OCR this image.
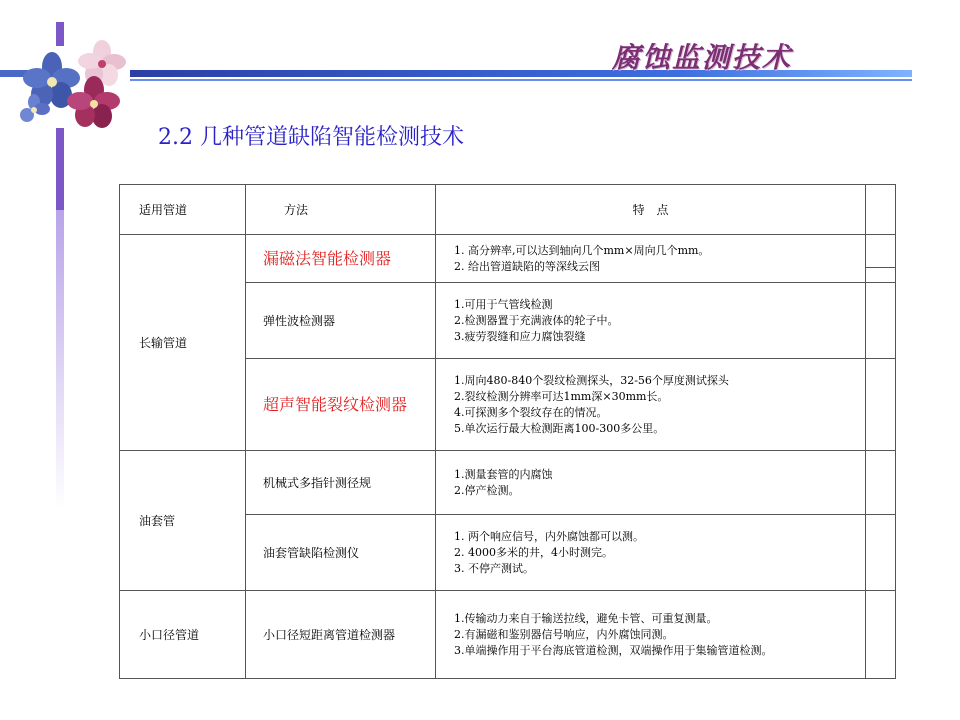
腐蚀监测技术
2.2 几种管道缺陷智能检测技术
适用管道	方法	特　点	
长输管道	漏磁法智能检测器	1. 高分辨率,可以达到轴向几个mm×周向几个mm。
2. 给出管道缺陷的等深线云图	

	弹性波检测器	1.可用于气管线检测
2.检测器置于充满液体的轮子中。
3.疲劳裂缝和应力腐蚀裂缝	

	超声智能裂纹检测器	1.周向480-840个裂纹检测探头，32-56个厚度测试探头
2.裂纹检测分辨率可达1mm深×30mm长。
4.可探测多个裂纹存在的情况。
5.单次运行最大检测距离100-300多公里。	

油套管	机械式多指针测径规	1.测量套管的内腐蚀
2.停产检测。	

	油套管缺陷检测仪	1. 两个响应信号，内外腐蚀都可以测。
2. 4000多米的井，4小时测完。
3. 不停产测试。	

小口径管道	小口径短距离管道检测器	1.传输动力来自于输送拉线，避免卡管、可重复测量。
2.有漏磁和鉴别器信号响应，内外腐蚀同测。
3.单端操作用于平台海底管道检测，双端操作用于集输管道检测。	
